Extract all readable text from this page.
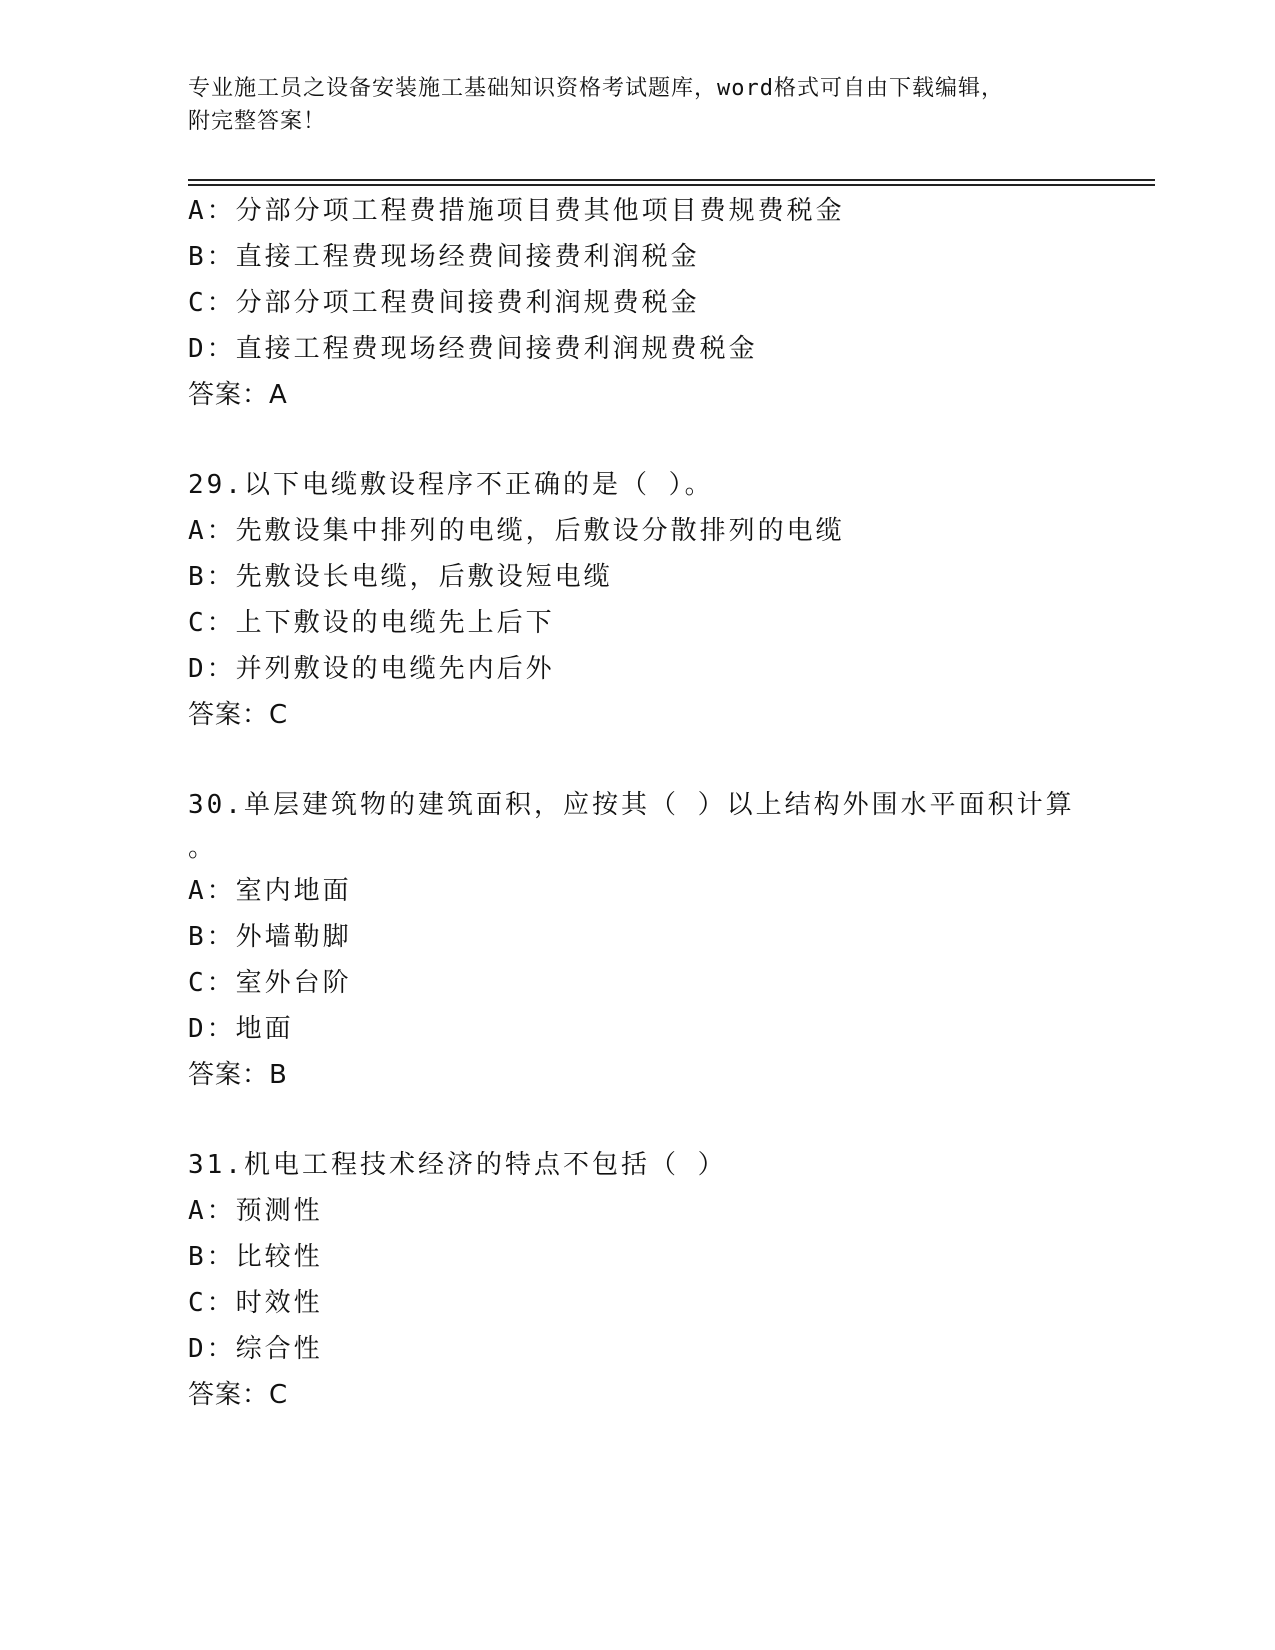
专业施工员之设备安装施工基础知识资格考试题库，word格式可自由下载编辑，
附完整答案！
A：分部分项工程费措施项目费其他项目费规费税金
B：直接工程费现场经费间接费利润税金
C：分部分项工程费间接费利润规费税金
D：直接工程费现场经费间接费利润规费税金
答案：A
29.以下电缆敷设程序不正确的是（ ）。
A：先敷设集中排列的电缆，后敷设分散排列的电缆
B：先敷设长电缆，后敷设短电缆
C：上下敷设的电缆先上后下
D：并列敷设的电缆先内后外
答案：C
30.单层建筑物的建筑面积，应按其（ ）以上结构外围水平面积计算
。
A：室内地面
B：外墙勒脚
C：室外台阶
D：地面
答案：B
31.机电工程技术经济的特点不包括（ ）
A：预测性
B：比较性
C：时效性
D：综合性
答案：C
